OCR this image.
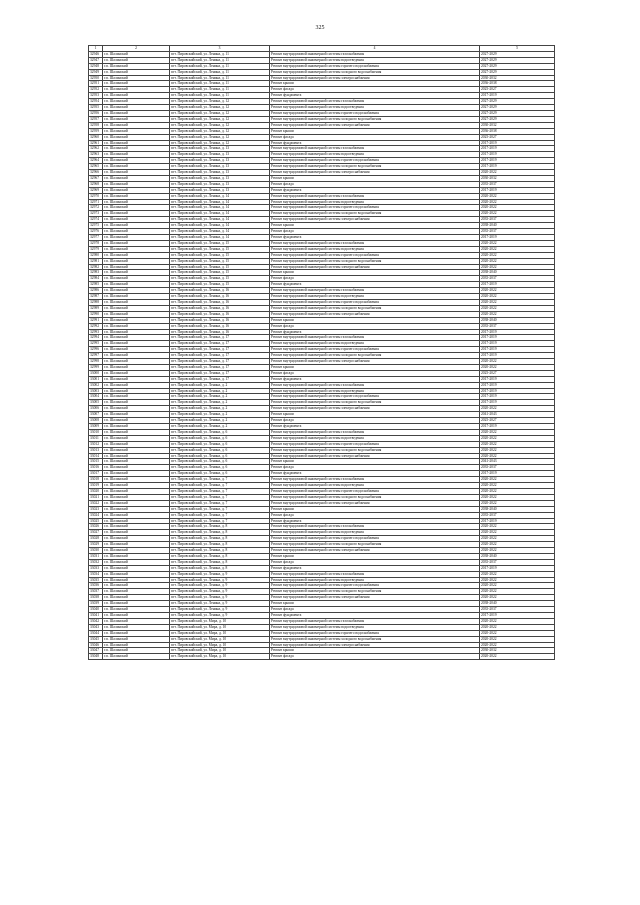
325
1	2	3	4	5
32946	г.п. Шалинский	пгт. Пировскийский, ул. Ленина, д. 11	Ремонт внутридомовой инженерной системы газоснабжения	2027-2029
32947	г.п. Шалинский	пгт. Пировскийский, ул. Ленина, д. 11	Ремонт внутридомовой инженерной системы водоотведения	2027-2029
32948	г.п. Шалинский	пгт. Пировскийский, ул. Ленина, д. 11	Ремонт внутридомовой инженерной системы горячего водоснабжения	2027-2029
32949	г.п. Шалинский	пгт. Пировскийский, ул. Ленина, д. 11	Ремонт внутридомовой инженерной системы холодного водоснабжения	2027-2029
32950	г.п. Шалинский	пгт. Пировскийский, ул. Ленина, д. 11	Ремонт внутридомовой инженерной системы электроснабжения	2030-2032
32951	г.п. Шалинский	пгт. Пировскийский, ул. Ленина, д. 11	Ремонт крыши	2036-2038
32952	г.п. Шалинский	пгт. Пировскийский, ул. Ленина, д. 11	Ремонт фасада	2025-2027
32953	г.п. Шалинский	пгт. Пировскийский, ул. Ленина, д. 11	Ремонт фундамента	2017-2019
32954	г.п. Шалинский	пгт. Пировскийский, ул. Ленина, д. 12	Ремонт внутридомовой инженерной системы газоснабжения	2027-2029
32955	г.п. Шалинский	пгт. Пировскийский, ул. Ленина, д. 12	Ремонт внутридомовой инженерной системы водоотведения	2027-2029
32956	г.п. Шалинский	пгт. Пировскийский, ул. Ленина, д. 12	Ремонт внутридомовой инженерной системы горячего водоснабжения	2027-2029
32957	г.п. Шалинский	пгт. Пировскийский, ул. Ленина, д. 12	Ремонт внутридомовой инженерной системы холодного водоснабжения	2027-2029
32958	г.п. Шалинский	пгт. Пировскийский, ул. Ленина, д. 12	Ремонт внутридомовой инженерной системы электроснабжения	2030-2032
32959	г.п. Шалинский	пгт. Пировскийский, ул. Ленина, д. 12	Ремонт крыши	2036-2038
32960	г.п. Шалинский	пгт. Пировскийский, ул. Ленина, д. 12	Ремонт фасада	2025-2027
32961	г.п. Шалинский	пгт. Пировскийский, ул. Ленина, д. 12	Ремонт фундамента	2017-2019
32962	г.п. Шалинский	пгт. Пировскийский, ул. Ленина, д. 13	Ремонт внутридомовой инженерной системы газоснабжения	2017-2019
32963	г.п. Шалинский	пгт. Пировскийский, ул. Ленина, д. 13	Ремонт внутридомовой инженерной системы водоотведения	2017-2019
32964	г.п. Шалинский	пгт. Пировскийский, ул. Ленина, д. 13	Ремонт внутридомовой инженерной системы горячего водоснабжения	2017-2019
32965	г.п. Шалинский	пгт. Пировскийский, ул. Ленина, д. 13	Ремонт внутридомовой инженерной системы холодного водоснабжения	2017-2019
32966	г.п. Шалинский	пгт. Пировскийский, ул. Ленина, д. 13	Ремонт внутридомовой инженерной системы электроснабжения	2020-2022
32967	г.п. Шалинский	пгт. Пировскийский, ул. Ленина, д. 13	Ремонт крыши	2030-2032
32968	г.п. Шалинский	пгт. Пировскийский, ул. Ленина, д. 13	Ремонт фасада	2035-2037
32969	г.п. Шалинский	пгт. Пировскийский, ул. Ленина, д. 13	Ремонт фундамента	2017-2019
32970	г.п. Шалинский	пгт. Пировскийский, ул. Ленина, д. 14	Ремонт внутридомовой инженерной системы газоснабжения	2020-2022
32971	г.п. Шалинский	пгт. Пировскийский, ул. Ленина, д. 14	Ремонт внутридомовой инженерной системы водоотведения	2020-2022
32972	г.п. Шалинский	пгт. Пировскийский, ул. Ленина, д. 14	Ремонт внутридомовой инженерной системы горячего водоснабжения	2020-2022
32973	г.п. Шалинский	пгт. Пировскийский, ул. Ленина, д. 14	Ремонт внутридомовой инженерной системы холодного водоснабжения	2020-2022
32974	г.п. Шалинский	пгт. Пировскийский, ул. Ленина, д. 14	Ремонт внутридомовой инженерной системы электроснабжения	2035-2037
32975	г.п. Шалинский	пгт. Пировскийский, ул. Ленина, д. 14	Ремонт крыши	2038-2040
32976	г.п. Шалинский	пгт. Пировскийский, ул. Ленина, д. 14	Ремонт фасада	2035-2037
32977	г.п. Шалинский	пгт. Пировскийский, ул. Ленина, д. 14	Ремонт фундамента	2017-2019
32978	г.п. Шалинский	пгт. Пировскийский, ул. Ленина, д. 15	Ремонт внутридомовой инженерной системы газоснабжения	2020-2022
32979	г.п. Шалинский	пгт. Пировскийский, ул. Ленина, д. 15	Ремонт внутридомовой инженерной системы водоотведения	2020-2022
32980	г.п. Шалинский	пгт. Пировскийский, ул. Ленина, д. 15	Ремонт внутридомовой инженерной системы горячего водоснабжения	2020-2022
32981	г.п. Шалинский	пгт. Пировскийский, ул. Ленина, д. 15	Ремонт внутридомовой инженерной системы холодного водоснабжения	2020-2022
32982	г.п. Шалинский	пгт. Пировскийский, ул. Ленина, д. 15	Ремонт внутридомовой инженерной системы электроснабжения	2020-2022
32983	г.п. Шалинский	пгт. Пировскийский, ул. Ленина, д. 15	Ремонт крыши	2038-2040
32984	г.п. Шалинский	пгт. Пировскийский, ул. Ленина, д. 15	Ремонт фасада	2035-2037
32985	г.п. Шалинский	пгт. Пировскийский, ул. Ленина, д. 15	Ремонт фундамента	2017-2019
32986	г.п. Шалинский	пгт. Пировскийский, ул. Ленина, д. 16	Ремонт внутридомовой инженерной системы газоснабжения	2020-2022
32987	г.п. Шалинский	пгт. Пировскийский, ул. Ленина, д. 16	Ремонт внутридомовой инженерной системы водоотведения	2020-2022
32988	г.п. Шалинский	пгт. Пировскийский, ул. Ленина, д. 16	Ремонт внутридомовой инженерной системы горячего водоснабжения	2020-2022
32989	г.п. Шалинский	пгт. Пировскийский, ул. Ленина, д. 16	Ремонт внутридомовой инженерной системы холодного водоснабжения	2020-2022
32990	г.п. Шалинский	пгт. Пировскийский, ул. Ленина, д. 16	Ремонт внутридомовой инженерной системы электроснабжения	2020-2022
32991	г.п. Шалинский	пгт. Пировскийский, ул. Ленина, д. 16	Ремонт крыши	2038-2040
32992	г.п. Шалинский	пгт. Пировскийский, ул. Ленина, д. 16	Ремонт фасада	2035-2037
32993	г.п. Шалинский	пгт. Пировскийский, ул. Ленина, д. 16	Ремонт фундамента	2017-2019
32994	г.п. Шалинский	пгт. Пировскийский, ул. Ленина, д. 17	Ремонт внутридомовой инженерной системы газоснабжения	2017-2019
32995	г.п. Шалинский	пгт. Пировскийский, ул. Ленина, д. 17	Ремонт внутридомовой инженерной системы водоотведения	2017-2019
32996	г.п. Шалинский	пгт. Пировскийский, ул. Ленина, д. 17	Ремонт внутридомовой инженерной системы горячего водоснабжения	2017-2019
32997	г.п. Шалинский	пгт. Пировскийский, ул. Ленина, д. 17	Ремонт внутридомовой инженерной системы холодного водоснабжения	2017-2019
32998	г.п. Шалинский	пгт. Пировскийский, ул. Ленина, д. 17	Ремонт внутридомовой инженерной системы электроснабжения	2020-2022
32999	г.п. Шалинский	пгт. Пировскийский, ул. Ленина, д. 17	Ремонт крыши	2020-2022
33000	г.п. Шалинский	пгт. Пировскийский, ул. Ленина, д. 17	Ремонт фасада	2025-2027
33001	г.п. Шалинский	пгт. Пировскийский, ул. Ленина, д. 17	Ремонт фундамента	2017-2019
33002	г.п. Шалинский	пгт. Пировскийский, ул. Ленина, д. 2	Ремонт внутридомовой инженерной системы газоснабжения	2017-2019
33003	г.п. Шалинский	пгт. Пировскийский, ул. Ленина, д. 2	Ремонт внутридомовой инженерной системы водоотведения	2017-2019
33004	г.п. Шалинский	пгт. Пировскийский, ул. Ленина, д. 2	Ремонт внутридомовой инженерной системы горячего водоснабжения	2017-2019
33005	г.п. Шалинский	пгт. Пировскийский, ул. Ленина, д. 2	Ремонт внутридомовой инженерной системы холодного водоснабжения	2017-2019
33006	г.п. Шалинский	пгт. Пировскийский, ул. Ленина, д. 2	Ремонт внутридомовой инженерной системы электроснабжения	2020-2022
33007	г.п. Шалинский	пгт. Пировскийский, ул. Ленина, д. 2	Ремонт крыши	2041-2043
33008	г.п. Шалинский	пгт. Пировскийский, ул. Ленина, д. 2	Ремонт фасада	2025-2027
33009	г.п. Шалинский	пгт. Пировскийский, ул. Ленина, д. 2	Ремонт фундамента	2017-2019
33010	г.п. Шалинский	пгт. Пировскийский, ул. Ленина, д. 6	Ремонт внутридомовой инженерной системы газоснабжения	2020-2022
33011	г.п. Шалинский	пгт. Пировскийский, ул. Ленина, д. 6	Ремонт внутридомовой инженерной системы водоотведения	2020-2022
33012	г.п. Шалинский	пгт. Пировскийский, ул. Ленина, д. 6	Ремонт внутридомовой инженерной системы горячего водоснабжения	2020-2022
33013	г.п. Шалинский	пгт. Пировскийский, ул. Ленина, д. 6	Ремонт внутридомовой инженерной системы холодного водоснабжения	2020-2022
33014	г.п. Шалинский	пгт. Пировскийский, ул. Ленина, д. 6	Ремонт внутридомовой инженерной системы электроснабжения	2020-2022
33015	г.п. Шалинский	пгт. Пировскийский, ул. Ленина, д. 6	Ремонт крыши	2041-2043
33016	г.п. Шалинский	пгт. Пировскийский, ул. Ленина, д. 6	Ремонт фасада	2035-2037
33017	г.п. Шалинский	пгт. Пировскийский, ул. Ленина, д. 6	Ремонт фундамента	2017-2019
33018	г.п. Шалинский	пгт. Пировскийский, ул. Ленина, д. 7	Ремонт внутридомовой инженерной системы газоснабжения	2020-2022
33019	г.п. Шалинский	пгт. Пировскийский, ул. Ленина, д. 7	Ремонт внутридомовой инженерной системы водоотведения	2020-2022
33020	г.п. Шалинский	пгт. Пировскийский, ул. Ленина, д. 7	Ремонт внутридомовой инженерной системы горячего водоснабжения	2020-2022
33021	г.п. Шалинский	пгт. Пировскийский, ул. Ленина, д. 7	Ремонт внутридомовой инженерной системы холодного водоснабжения	2020-2022
33022	г.п. Шалинский	пгт. Пировскийский, ул. Ленина, д. 7	Ремонт внутридомовой инженерной системы электроснабжения	2020-2022
33023	г.п. Шалинский	пгт. Пировскийский, ул. Ленина, д. 7	Ремонт крыши	2038-2040
33024	г.п. Шалинский	пгт. Пировскийский, ул. Ленина, д. 7	Ремонт фасада	2035-2037
33025	г.п. Шалинский	пгт. Пировскийский, ул. Ленина, д. 7	Ремонт фундамента	2017-2019
33026	г.п. Шалинский	пгт. Пировскийский, ул. Ленина, д. 8	Ремонт внутридомовой инженерной системы газоснабжения	2020-2022
33027	г.п. Шалинский	пгт. Пировскийский, ул. Ленина, д. 8	Ремонт внутридомовой инженерной системы водоотведения	2020-2022
33028	г.п. Шалинский	пгт. Пировскийский, ул. Ленина, д. 8	Ремонт внутридомовой инженерной системы горячего водоснабжения	2020-2022
33029	г.п. Шалинский	пгт. Пировскийский, ул. Ленина, д. 8	Ремонт внутридомовой инженерной системы холодного водоснабжения	2020-2022
33030	г.п. Шалинский	пгт. Пировскийский, ул. Ленина, д. 8	Ремонт внутридомовой инженерной системы электроснабжения	2020-2022
33031	г.п. Шалинский	пгт. Пировскийский, ул. Ленина, д. 8	Ремонт крыши	2038-2040
33032	г.п. Шалинский	пгт. Пировскийский, ул. Ленина, д. 8	Ремонт фасада	2035-2037
33033	г.п. Шалинский	пгт. Пировскийский, ул. Ленина, д. 8	Ремонт фундамента	2017-2019
33034	г.п. Шалинский	пгт. Пировскийский, ул. Ленина, д. 9	Ремонт внутридомовой инженерной системы газоснабжения	2020-2022
33035	г.п. Шалинский	пгт. Пировскийский, ул. Ленина, д. 9	Ремонт внутридомовой инженерной системы водоотведения	2020-2022
33036	г.п. Шалинский	пгт. Пировскийский, ул. Ленина, д. 9	Ремонт внутридомовой инженерной системы горячего водоснабжения	2020-2022
33037	г.п. Шалинский	пгт. Пировскийский, ул. Ленина, д. 9	Ремонт внутридомовой инженерной системы холодного водоснабжения	2020-2022
33038	г.п. Шалинский	пгт. Пировскийский, ул. Ленина, д. 9	Ремонт внутридомовой инженерной системы электроснабжения	2020-2022
33039	г.п. Шалинский	пгт. Пировскийский, ул. Ленина, д. 9	Ремонт крыши	2038-2040
33040	г.п. Шалинский	пгт. Пировскийский, ул. Ленина, д. 9	Ремонт фасада	2035-2037
33041	г.п. Шалинский	пгт. Пировскийский, ул. Ленина, д. 9	Ремонт фундамента	2017-2019
33042	г.п. Шалинский	пгт. Пировскийский, ул. Мира, д. 10	Ремонт внутридомовой инженерной системы газоснабжения	2020-2022
33043	г.п. Шалинский	пгт. Пировскийский, ул. Мира, д. 10	Ремонт внутридомовой инженерной системы водоотведения	2020-2022
33044	г.п. Шалинский	пгт. Пировскийский, ул. Мира, д. 10	Ремонт внутридомовой инженерной системы горячего водоснабжения	2020-2022
33045	г.п. Шалинский	пгт. Пировскийский, ул. Мира, д. 10	Ремонт внутридомовой инженерной системы холодного водоснабжения	2020-2022
33046	г.п. Шалинский	пгт. Пировскийский, ул. Мира, д. 10	Ремонт внутридомовой инженерной системы электроснабжения	2020-2022
33047	г.п. Шалинский	пгт. Пировскийский, ул. Мира, д. 10	Ремонт крыши	2030-2032
33048	г.п. Шалинский	пгт. Пировскийский, ул. Мира, д. 10	Ремонт фасада	2020-2022
